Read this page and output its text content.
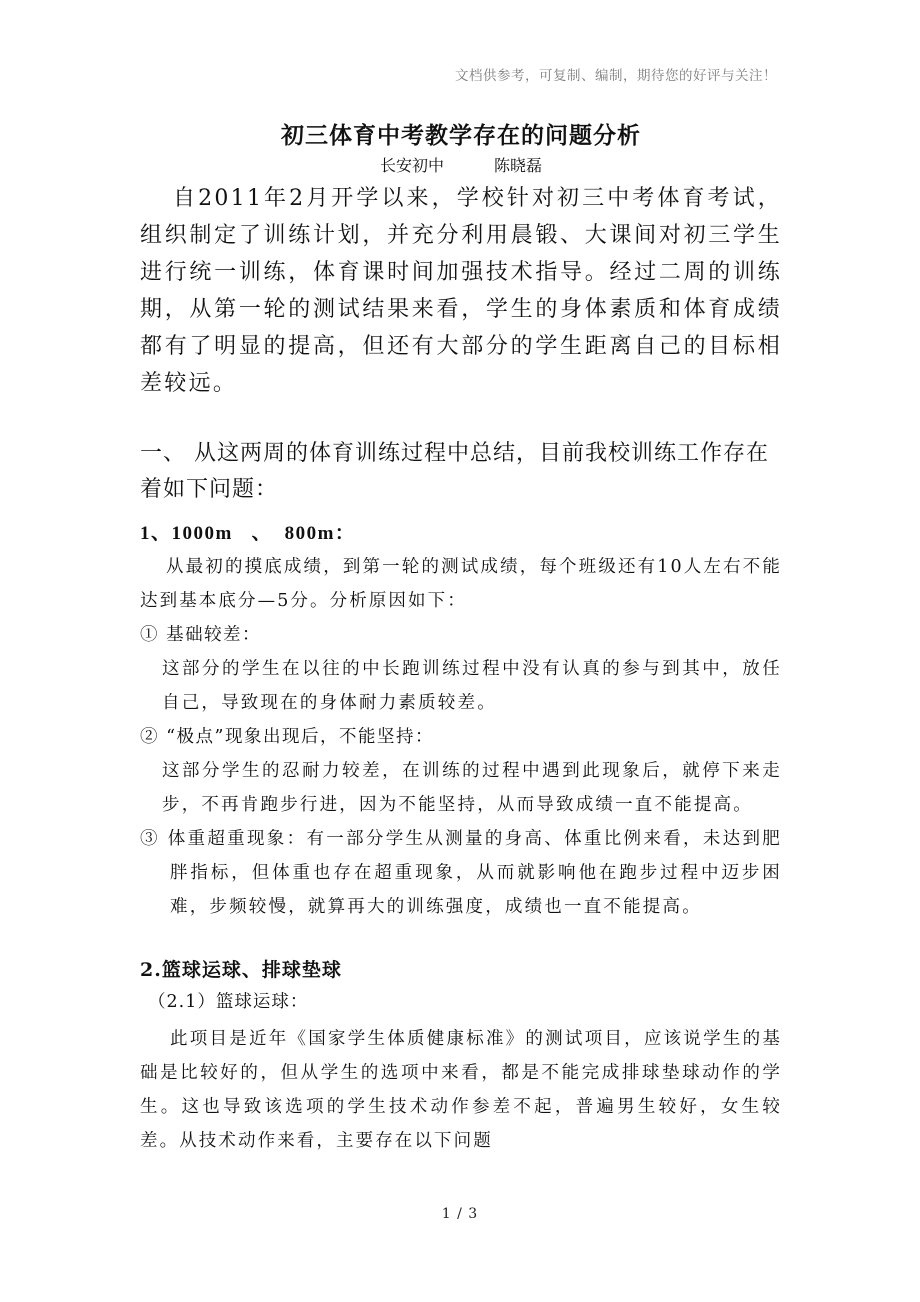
文档供参考，可复制、编制，期待您的好评与关注！
初三体育中考教学存在的问题分析

长安初中	陈晓磊

自2011年2月开学以来，学校针对初三中考体育考试，组织制定了训练计划，并充分利用晨锻、大课间对初三学生进行统一训练，体育课时间加强技术指导。经过二周的训练期，从第一轮的测试结果来看，学生的身体素质和体育成绩都有了明显的提高，但还有大部分的学生距离自己的目标相差较远。

一、 从这两周的体育训练过程中总结，目前我校训练工作存在着如下问题：

1、1000m   、  800m：

从最初的摸底成绩，到第一轮的测试成绩，每个班级还有10人左右不能达到基本底分—5分。分析原因如下：

① 基础较差：

这部分的学生在以往的中长跑训练过程中没有认真的参与到其中，放任自己，导致现在的身体耐力素质较差。

② “极点”现象出现后，不能坚持：

这部分学生的忍耐力较差，在训练的过程中遇到此现象后，就停下来走步，不再肯跑步行进，因为不能坚持，从而导致成绩一直不能提高。

③ 体重超重现象：有一部分学生从测量的身高、体重比例来看，未达到肥胖指标，但体重也存在超重现象，从而就影响他在跑步过程中迈步困难，步频较慢，就算再大的训练强度，成绩也一直不能提高。

2.篮球运球、排球垫球

（2.1）篮球运球：

此项目是近年《国家学生体质健康标准》的测试项目，应该说学生的基础是比较好的，但从学生的选项中来看，都是不能完成排球垫球动作的学生。这也导致该选项的学生技术动作参差不起，普遍男生较好，女生较差。从技术动作来看，主要存在以下问题

1 / 3
